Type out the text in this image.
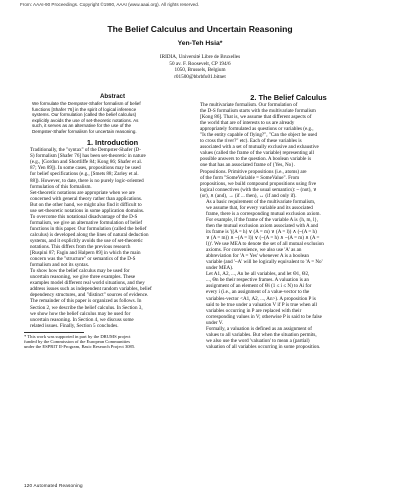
From: AAAI-90 Proceedings. Copyright ©1990, AAAI (www.aaai.org). All rights reserved.
The Belief Calculus and Uncertain Reasoning
Yen-Teh Hsia*
IRIDIA, Université Libre de Bruxelles
50 av. F. Roosevelt, CP 194/6
1050, Brussels, Belgium
r01500@bbrbfu01.bitnet
Abstract
We formulate the Dempster-Shafer formalism of belief
functions [Shafer 76] in the spirit of logical inference
systems. Our formulation (called the belief calculus)
explicitly avoids the use of set-theoretic notations. As
such, it serves as an alternative for the use of the
Dempster-Shafer formalism for uncertain reasoning.
1. Introduction
Traditionally, the "syntax" of the Dempster-Shafer (D-
S) formalism [Shafer 76] has been set-theoretic in nature
(e.g., [Gordon and Shortliffe 84; Kong 86; Shafer et al.
87; Yen 89]). In some cases, propositions may be used
for belief specifications (e.g., [Smets 88; Zarley et al.
88]). However, to date, there is no purely logic-oriented
formulation of this formalism.
Set-theoretic notations are appropriate when we are
concerned with general theory rather than applications.
But on the other hand, we might also find it difficult to
use set-theoretic notations in some application domains.
To overcome this notational disadvantage of the D-S
formalism, we give an alternative formulation of belief
functions in this paper. Our formulation (called the belief
calculus) is developed along the lines of natural deduction
systems, and it explicitly avoids the use of set-theoretic
notations. This differs from the previous research
[Ruspini 87; Fagin and Halpern 89] in which the main
concern was the "structure" or semantics of the D-S
formalism and not its syntax.
To show how the belief calculus may be used for
uncertain reasoning, we give three examples. These
examples model different real world situations, and they
address issues such as independent random variables, belief
dependency structures, and "distinct" sources of evidence.
The remainder of this paper is organized as follows. In
Section 2, we describe the belief calculus. In Section 3,
we show how the belief calculus may be used for
uncertain reasoning. In Section 4, we discuss some
related issues. Finally, Section 5 concludes.
* This work was supported in part by the DRUMS project
funded by the Commission of the European Communities
under the ESPRIT II-Program, Basic Research Project 3085.
2. The Belief Calculus
The multivariate formalism. Our formulation of
the D-S formalism starts with the multivariate formalism
[Kong 86]. That is, we assume that different aspects of
the world that are of interests to us are already
appropriately formulated as questions or variables (e.g.,
"Is the entity capable of flying?", "Can the object be used
to cross the river?" etc). Each of these variables is
associated with a set of mutually exclusive and exhaustive
values (called the frame of the variable) representing all
possible answers to the question. A boolean variable is
one that has an associated frame of {Yes, No}.
Propositions. Primitive propositions (i.e., atoms) are
of the form "SomeVariable = SomeValue". From
propositions, we build compound propositions using five
logical connectives (with the usual semantics): ~ (not), ∨
(or), ∧ (and), → (if ... then), ↔ (if and only if).
As a basic requirement of the multivariate formalism,
we assume that, for every variable and its associated
frame, there is a corresponding mutual exclusion axiom.
For example, if the frame of the variable A is {h, m, l},
then the mutual exclusion axiom associated with A and
its frame is '((A = h) ∨ (A = m) ∨ (A = l)) ∧ (~(A = h)
∨ (A = m)) ∧ ~(A = l)) ∨ (~(A = h) ∧ ~(A = m) ∧ (A =
l))'. We use MEA to denote the set of all mutual exclusion
axioms. For convenience, we also use 'A' as an
abbreviation for 'A = Yes' whenever A is a boolean
variable (and '~A' will be logically equivalent to 'A = No'
under MEA).
Let A1, A2, ..., An be all variables, and let Θ1, Θ2,
..., Θn be their respective frames. A valuation is an
assignment of an element of Θi (1 ≤ i ≤ N) to Ai for
every i (i.e., an assignment of a value-vector to the
variables-vector <A1, A2, ..., An>). A proposition P is
said to be true under a valuation V if P is true when all
variables occurring in P are replaced with their
corresponding values in V; otherwise P is said to be false
under V.
Formally, a valuation is defined as an assignment of
values to all variables. But when the situation permits,
we also use the word 'valuation' to mean a (partial)
valuation of all variables occurring in some proposition.
120 Automated Reasoning
